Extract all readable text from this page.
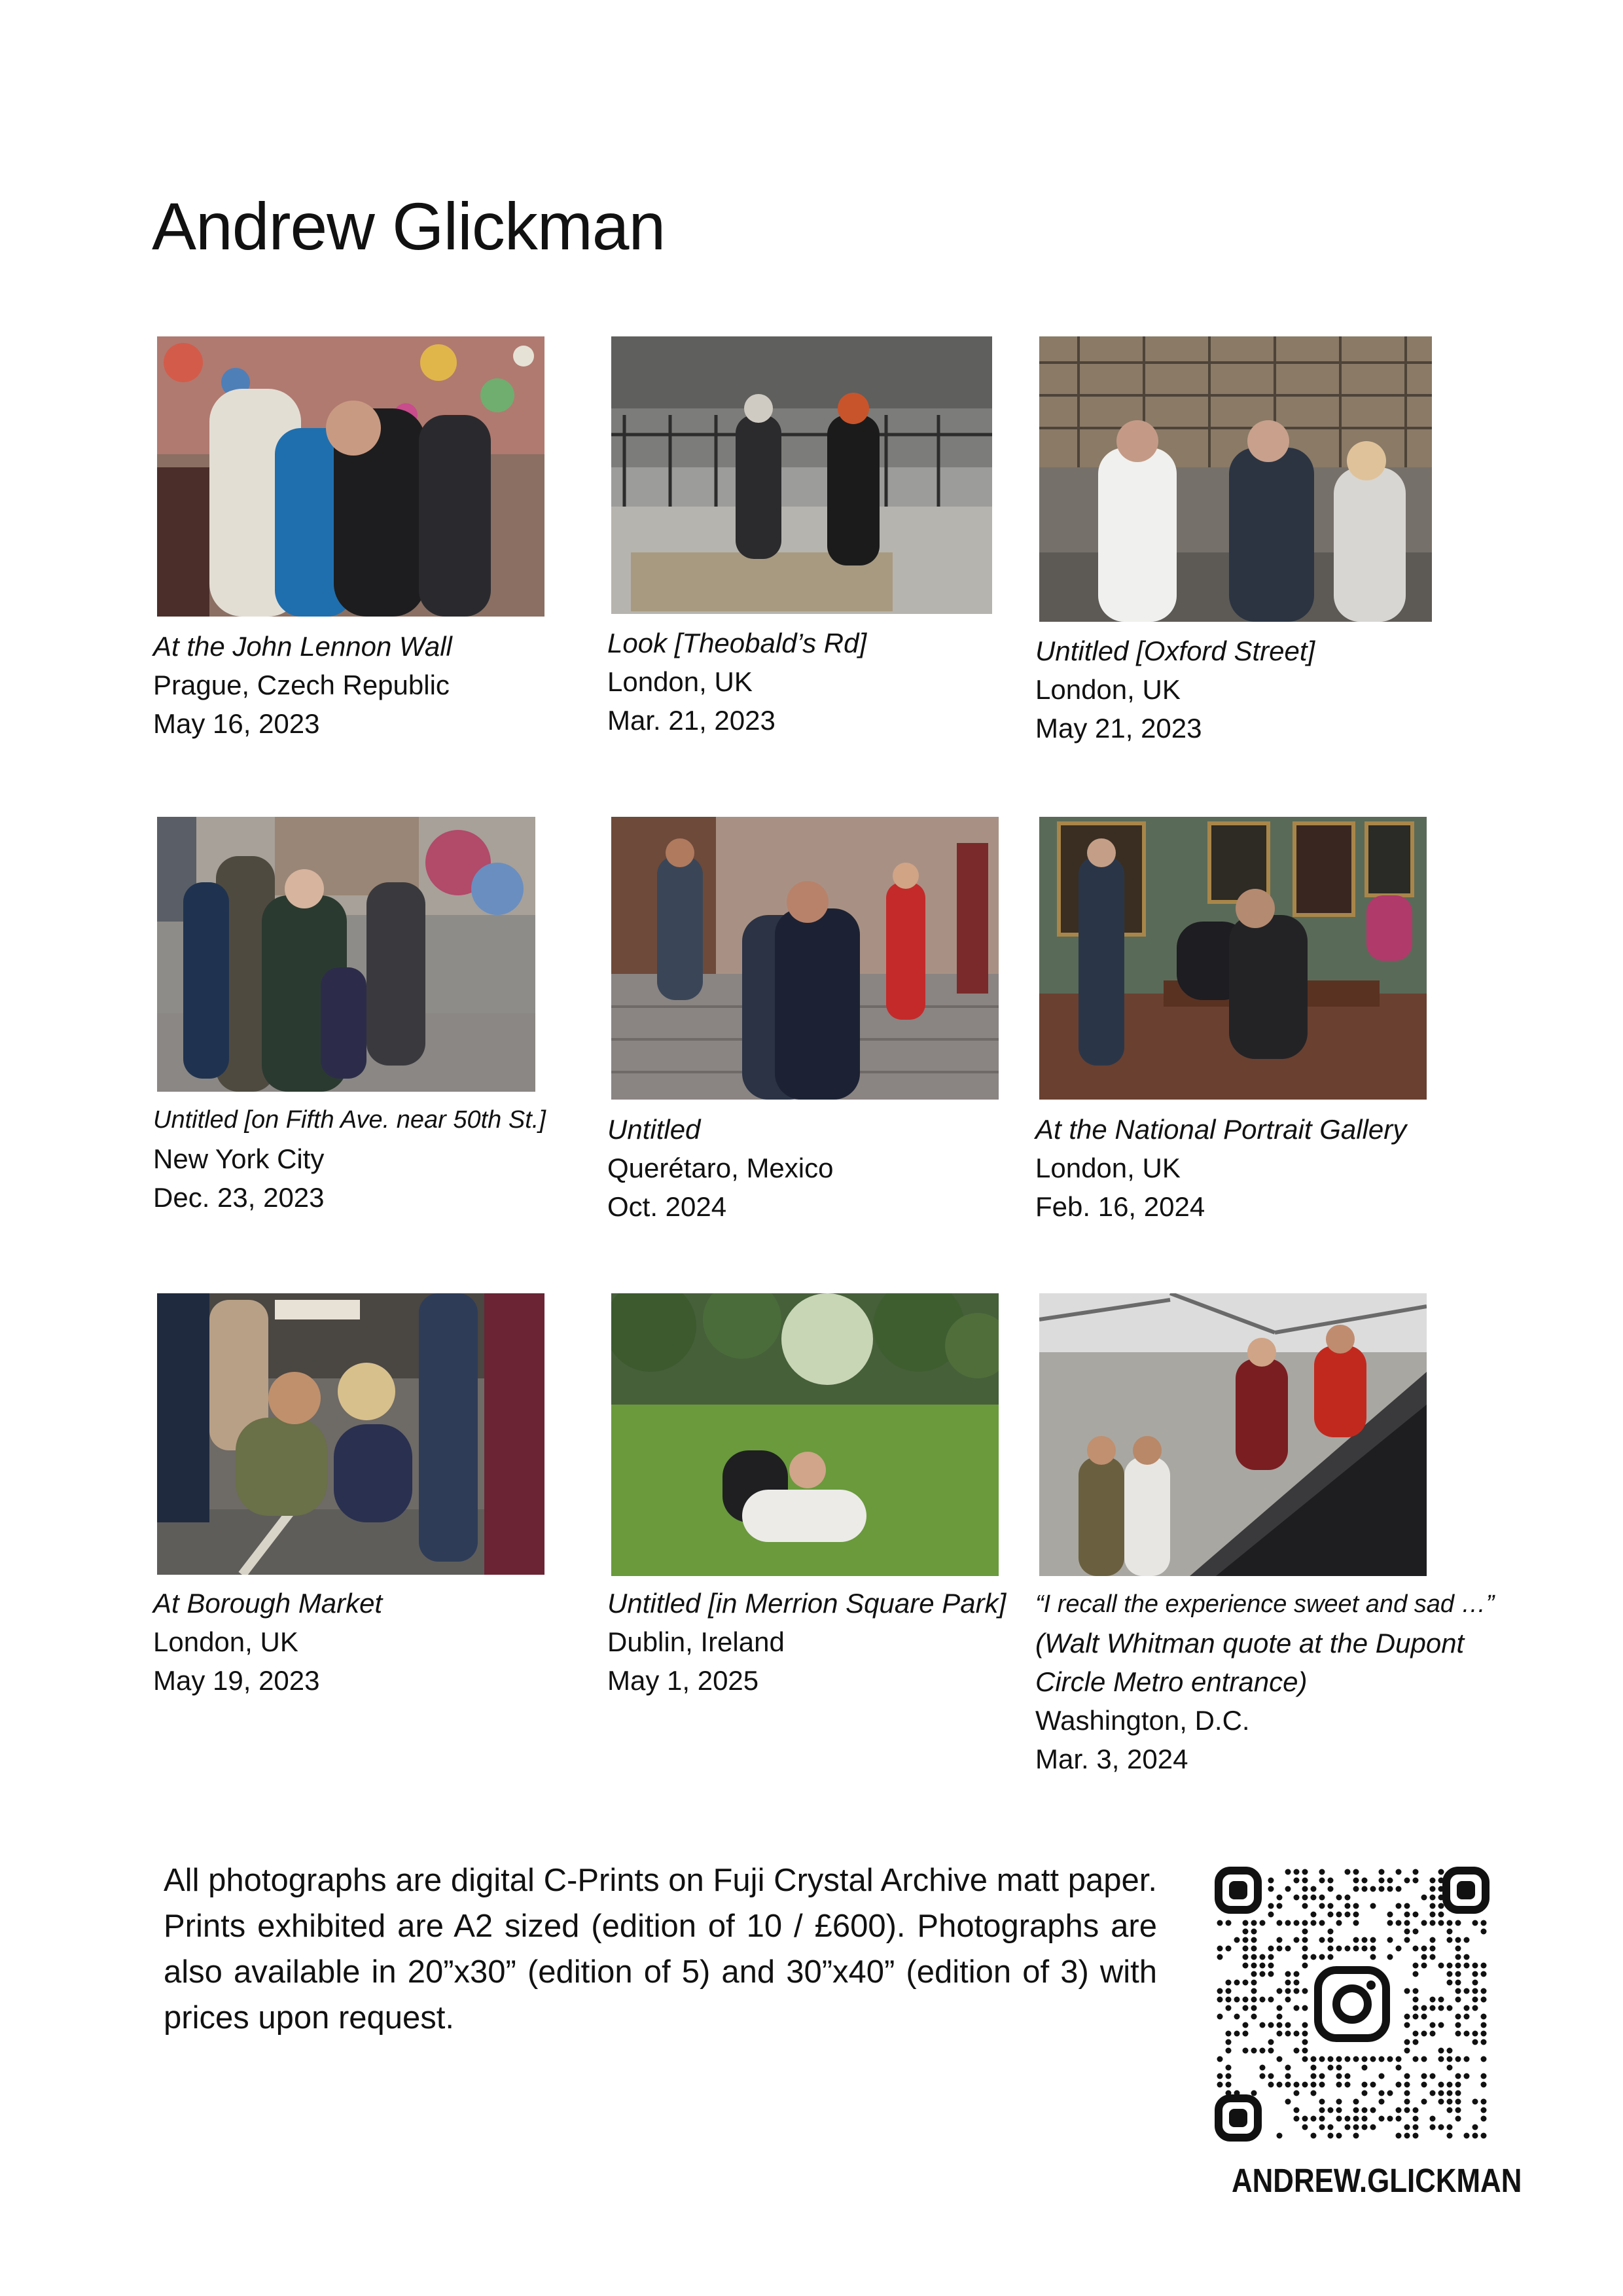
Andrew Glickman
At the John Lennon Wall
Prague, Czech Republic
May 16, 2023
Look [Theobald’s Rd]
London, UK
Mar. 21, 2023
Untitled [Oxford Street]
London, UK
May 21, 2023
Untitled [on Fifth Ave. near 50th St.]
New York City
Dec. 23, 2023
Untitled
Querétaro, Mexico
Oct. 2024
At the National Portrait Gallery
London, UK
Feb. 16, 2024
At Borough Market
London, UK
May 19, 2023
Untitled [in Merrion Square Park]
Dublin, Ireland
May 1, 2025
“I recall the experience sweet and sad …”
(Walt Whitman quote at the Dupont
Circle Metro entrance)
Washington, D.C.
Mar. 3, 2024

All photographs are digital C-Prints on Fuji Crystal Archive matt paper. Prints exhibited are A2 sized (edition of 10 / £600). Photographs are also available in 20”x30” (edition of 5) and 30”x40” (edition of 3) with prices upon request.

ANDREW.GLICKMAN
